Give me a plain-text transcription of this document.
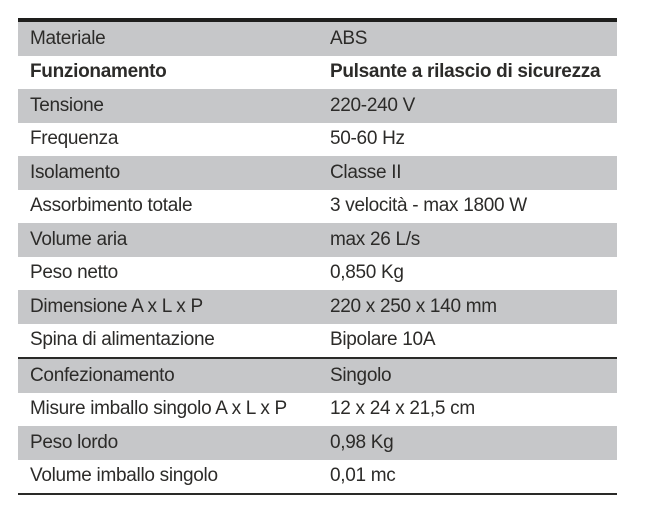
Materiale	ABS
Funzionamento	Pulsante a rilascio di sicurezza
Tensione	220-240 V
Frequenza	50-60 Hz
Isolamento	Classe II
Assorbimento totale	3 velocità - max 1800 W
Volume aria	max 26 L/s
Peso netto	0,850 Kg
Dimensione A x L x P	220 x 250 x 140 mm
Spina di alimentazione	Bipolare 10A
Confezionamento	Singolo
Misure imballo singolo A x L x P	12 x 24 x 21,5 cm
Peso lordo	0,98 Kg
Volume imballo singolo	0,01 mc
